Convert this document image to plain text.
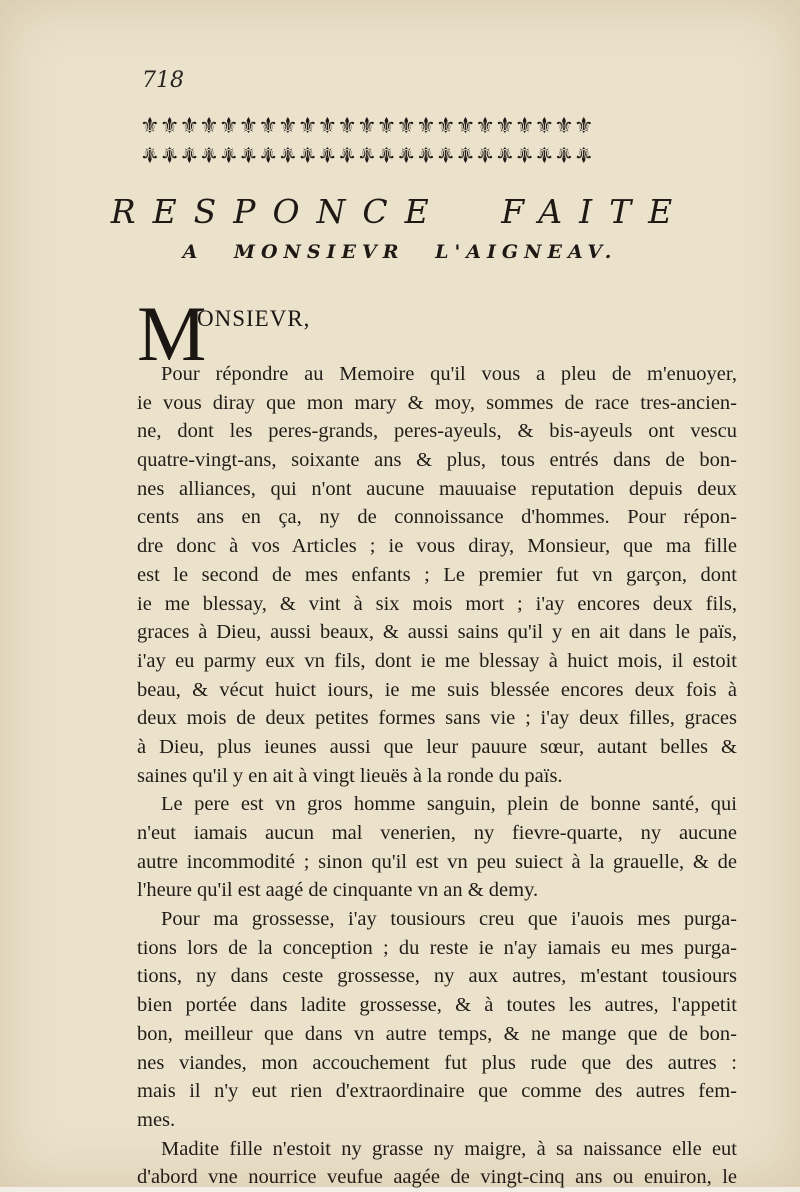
718
⚜⚜⚜⚜⚜⚜⚜⚜⚜⚜⚜⚜⚜⚜⚜⚜⚜⚜⚜⚜⚜⚜⚜
⚜⚜⚜⚜⚜⚜⚜⚜⚜⚜⚜⚜⚜⚜⚜⚜⚜⚜⚜⚜⚜⚜⚜
RESPONCE FAITE
A MONSIEVR L'AIGNEAV.
M
ONSIEVR,
Pour répondre au Memoire qu'il vous a pleu de m'enuoyer,
ie vous diray que mon mary & moy, sommes de race tres-ancien-
ne, dont les peres-grands, peres-ayeuls, & bis-ayeuls ont vescu
quatre-vingt-ans, soixante ans & plus, tous entrés dans de bon-
nes alliances, qui n'ont aucune mauuaise reputation depuis deux
cents ans en ça, ny de connoissance d'hommes. Pour répon-
dre donc à vos Articles ; ie vous diray, Monsieur, que ma fille
est le second de mes enfants ; Le premier fut vn garçon, dont
ie me blessay, & vint à six mois mort ; i'ay encores deux fils,
graces à Dieu, aussi beaux, & aussi sains qu'il y en ait dans le païs,
i'ay eu parmy eux vn fils, dont ie me blessay à huict mois, il estoit
beau, & vécut huict iours, ie me suis blessée encores deux fois à
deux mois de deux petites formes sans vie ; i'ay deux filles, graces
à Dieu, plus ieunes aussi que leur pauure sœur, autant belles &
saines qu'il y en ait à vingt lieuës à la ronde du païs.
Le pere est vn gros homme sanguin, plein de bonne santé, qui
n'eut iamais aucun mal venerien, ny fievre-quarte, ny aucune
autre incommodité ; sinon qu'il est vn peu suiect à la grauelle, & de
l'heure qu'il est aagé de cinquante vn an & demy.
Pour ma grossesse, i'ay tousiours creu que i'auois mes purga-
tions lors de la conception ; du reste ie n'ay iamais eu mes purga-
tions, ny dans ceste grossesse, ny aux autres, m'estant tousiours
bien portée dans ladite grossesse, & à toutes les autres, l'appetit
bon, meilleur que dans vn autre temps, & ne mange que de bon-
nes viandes, mon accouchement fut plus rude que des autres :
mais il n'y eut rien d'extraordinaire que comme des autres fem-
mes.
Madite fille n'estoit ny grasse ny maigre, à sa naissance elle eut
d'abord vne nourrice veufue aagée de vingt-cinq ans ou enuiron, le
